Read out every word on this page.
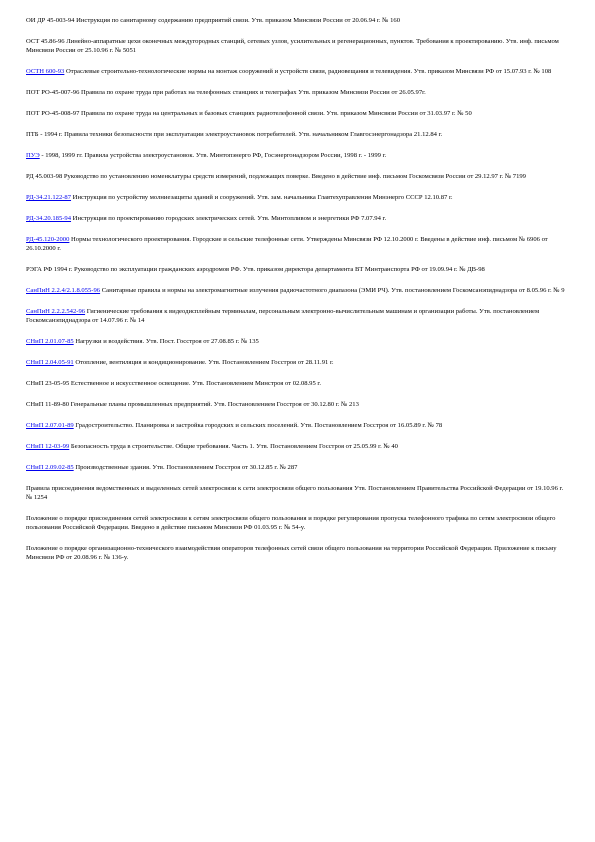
ОИ ДР 45-003-94 Инструкция по санитарному содержанию предприятий связи. Утв. приказом Минсвязи России от 20.06.94 г. № 160
ОСТ 45.86-96 Линейно-аппаратные цехи оконечных междугородных станций, сетевых узлов, усилительных и регенерационных, пунктов. Требования к проектированию. Утв. инф. письмом Минсвязи России от 25.10.96 г. № 5051
ОСТН 600-93 Отраслевые строительно-технологические нормы на монтаж сооружений и устройств связи, радиовещания и телевидения. Утв. приказом Минсвязи РФ от 15.07.93 г. № 108
ПОТ РО-45-007-96 Правила по охране труда при работах на телефонных станциях и телеграфах Утв. приказом Минсвязи России от 26.05.97г.
ПОТ РО-45-008-97 Правила по охране труда на центральных и базовых станциях радиотелефонной связи. Утв. приказом Минсвязи России от 31.03.97 г. № 50
ПТБ - 1994 г. Правила техники безопасности при эксплуатации электроустановок потребителей. Утв. начальником Главгосэнергонадзора 21.12.84 г.
ПУЭ - 1998, 1999 гг. Правила устройства электроустановок. Утв. Минтопэнерго РФ, Госэнергонадзором России, 1998 г. - 1999 г.
РД 45.003-98 Руководство по установлению номенклатуры средств измерений, подлежащих поверке. Введено в действие инф. письмом Госкомсвязи России от 29.12.97 г. № 7199
РД-34.21.122-87 Инструкция по устройству молниезащиты зданий и сооружений. Утв. зам. начальника Главтехуправления Минэнерго СССР 12.10.87 г.
РД-34.20.185-94 Инструкция по проектированию городских электрических сетей. Утв. Минтопливом и энергетики РФ 7.07.94 г.
РД-45.120-2000 Нормы технологического проектирования. Городские и сельские телефонные сети. Утверждены Минсвязи РФ 12.10.2000 г. Введены в действие инф. письмом № 6906 от 26.10.2000 г.
РЭГА РФ 1994 г. Руководство по эксплуатации гражданских аэродромов РФ. Утв. приказом директора департамента ВТ Минтранспорта РФ от 19.09.94 г. № ДВ-98
СанПиН 2.2.4/2.1.8.055-96 Санитарные правила и нормы на электромагнитные излучения радиочастотного диапазона (ЭМИ РЧ). Утв. постановлением Госкомсанэпиднадзора от 8.05.96 г. № 9
СанПиН 2.2.2.542-96 Гигиенические требования к видеодисплейным терминалам, персональным электронно-вычислительным машинам и организации работы. Утв. постановлением Госкомсанэпиднадзора от 14.07.96 г. № 14
СНиП 2.01.07-85 Нагрузки и воздействия. Утв. Пост. Госстроя от 27.08.85 г. № 135
СНиП 2.04.05-91 Отопление, вентиляция и кондиционирование. Утв. Постановлением Госстроя от 28.11.91 г.
СНиП 23-05-95 Естественное и искусственное освещение. Утв. Постановлением Минстроя от 02.08.95 г.
СНиП 11-89-80 Генеральные планы промышленных предприятий. Утв. Постановлением Госстроя от 30.12.80 г. № 213
СНиП 2.07.01-89 Градостроительство. Планировка и застройка городских и сельских поселений. Утв. Постановлением Госстроя от 16.05.89 г. № 78
СНиП 12-03-99 Безопасность труда в строительстве. Общие требования. Часть 1. Утв. Постановлением Госстроя от 25.05.99 г. № 40
СНиП 2.09.02-85 Производственные здания. Утв. Постановлением Госстроя от 30.12.85 г. № 287
Правила присоединения ведомственных и выделенных сетей электросвязи к сети электросвязи общего пользования Утв. Постановлением Правительства Российской Федерации от 19.10.96 г. № 1254
Положение о порядке присоединения сетей электросвязи к сетям электросвязи общего пользования и порядке регулирования пропуска телефонного трафика по сетям электросвязи общего пользования Российской Федерации. Введено в действие письмом Минсвязи РФ 01.03.95 г. № 54-у.
Положение о порядке организационно-технического взаимодействия операторов телефонных сетей связи общего пользования на территории Российской Федерации. Приложение к письму Минсвязи РФ от 20.08.96 г. № 136-у.
